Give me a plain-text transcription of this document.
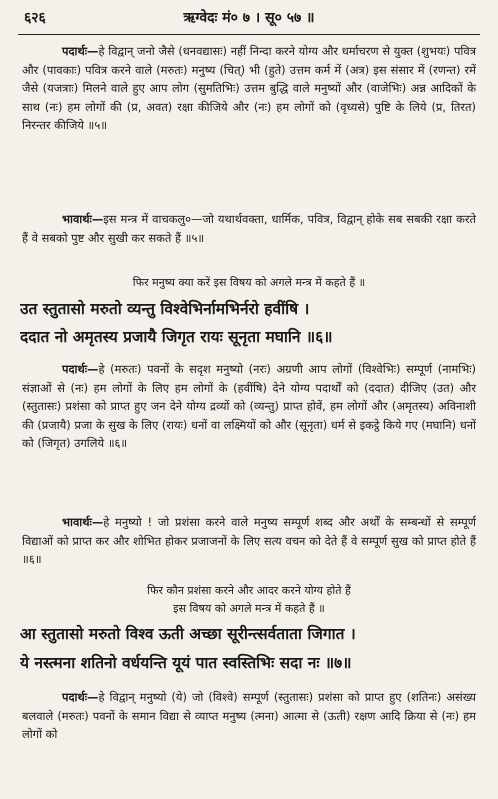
६२६	ऋग्वेदः मं० ७ । सू० ५७ ॥
पदार्थः—हे विद्वान् जनो जैसे (धनवद्यासः) नहीं निन्दा करने योग्य और धर्माचरण से युक्त (शुभयः) पवित्र और (पावकाः) पवित्र करने वाले (मरुतः) मनुष्य (चित्) भी (हुते) उत्तम कर्म में (अत्र) इस संसार में (रणन्त) रमें जैसे (यजत्राः) मिलने वाले हुए आप लोग (सुमतिभिः) उत्तम बुद्धि वाले मनुष्यों और (वाजेभिः) अन्न आदिकों के साथ (नः) हम लोगों की (प्र, अवत) रक्षा कीजिये और (नः) हम लोगों को (वृध्यसे) पुष्टि के लिये (प्र, तिरत) निरन्तर कीजिये ॥५॥
भावार्थः—इस मन्त्र में वाचकलु०—जो यथार्थवक्ता, धार्मिक, पवित्र, विद्वान् होके सब सबकी रक्षा करते हैं वे सबको पुष्ट और सुखी कर सकते हैं ॥५॥
फिर मनुष्य क्या करें इस विषय को अगले मन्त्र में कहते हैं ॥
उत स्तुतासो मरुतो व्यन्तु विश्वेभिर्नामभिर्नरो हवींषि ।
ददात नो अमृतस्य प्रजायै जिगृत रायः सूनृता मघानि ॥६॥
पदार्थः—हे (मरुतः) पवनों के सदृश मनुष्यो (नरः) अग्रणी आप लोगों (विश्वेभिः) सम्पूर्ण (नामभिः) संज्ञाओं से (नः) हम लोगों के लिए हम लोगों के (हवींषि) देने योग्य पदार्थों को (ददात) दीजिए (उत) और (स्तुतासः) प्रशंसा को प्राप्त हुए जन देने योग्य द्रव्यों को (व्यन्तु) प्राप्त होवें, हम लोगों और (अमृतस्य) अविनाशी की (प्रजायै) प्रजा के सुख के लिए (रायः) धनों वा लक्ष्मियों को और (सूनृता) धर्म से इकट्ठे किये गए (मघानि) धनों को (जिगृत) उगलिये ॥६॥
भावार्थः—हे मनुष्यो ! जो प्रशंसा करने वाले मनुष्य सम्पूर्ण शब्द और अर्थों के सम्बन्धों से सम्पूर्ण विद्याओं को प्राप्त कर और शोभित होकर प्रजाजनों के लिए सत्य वचन को देते हैं वे सम्पूर्ण सुख को प्राप्त होते हैं ॥६॥
फिर कौन प्रशंसा करने और आदर करने योग्य होते हैं
इस विषय को अगले मन्त्र में कहते हैं ॥
आ स्तुतासो मरुतो विश्व ऊती अच्छा सूरीन्त्सर्वताता जिगात ।
ये नस्त्मना शतिनो वर्धयन्ति यूयं पात स्वस्तिभिः सदा नः ॥७॥
पदार्थः—हे विद्वान् मनुष्यो (ये) जो (विश्वे) सम्पूर्ण (स्तुतासः) प्रशंसा को प्राप्त हुए (शतिनः) असंख्य बलवाले (मरुतः) पवनों के समान विद्या से व्याप्त मनुष्य (त्मना) आत्मा से (ऊती) रक्षण आदि क्रिया से (नः) हम लोगों को
